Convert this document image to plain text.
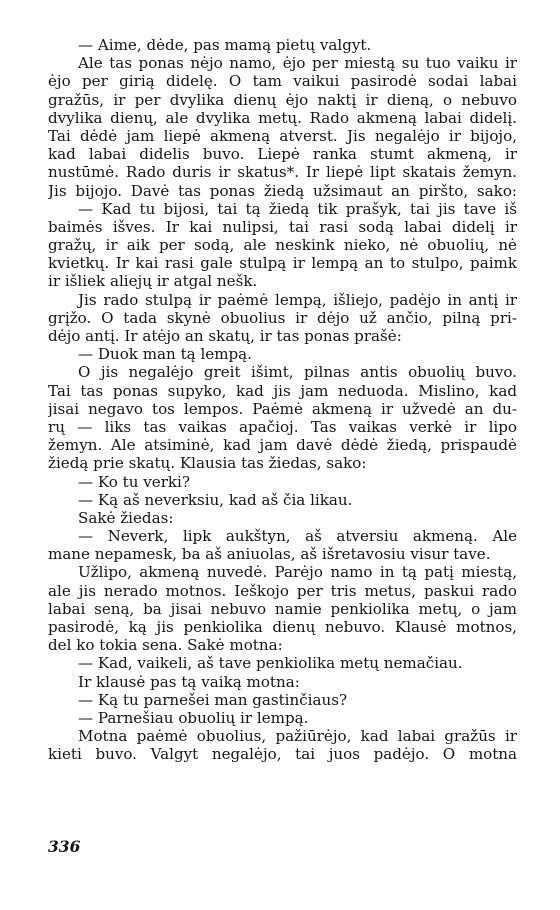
— Aime, dėde, pas mamą pietų valgyt.
Ale tas ponas nėjo namo, ėjo per miestą su tuo vaiku ir
ėjo per girią didelę. O tam vaikui pasirodė sodai labai
gražūs, ir per dvylika dienų ėjo naktį ir dieną, o nebuvo
dvylika dienų, ale dvylika metų. Rado akmeną labai didelį.
Tai dėdė jam liepė akmeną atverst. Jis negalėjo ir bijojo,
kad labai didelis buvo. Liepė ranka stumt akmeną, ir
nustūmė. Rado duris ir skatus*. Ir liepė lipt skatais žemyn.
Jis bijojo. Davė tas ponas žiedą užsimaut an piršto, sako:
— Kad tu bijosi, tai tą žiedą tik prašyk, tai jis tave iš
baimės išves. Ir kai nulipsi, tai rasi sodą labai didelį ir
gražų, ir aik per sodą, ale neskink nieko, nė obuolių, nė
kvietkų. Ir kai rasi gale stulpą ir lempą an to stulpo, paimk
ir išliek aliejų ir atgal nešk.
Jis rado stulpą ir paėmė lempą, išliejo, padėjo in antį ir
grįžo. O tada skynė obuolius ir dėjo už ančio, pilną pri-
dėjo antį. Ir atėjo an skatų, ir tas ponas prašė:
— Duok man tą lempą.
O jis negalėjo greit išimt, pilnas antis obuolių buvo.
Tai tas ponas supyko, kad jis jam neduoda. Mislino, kad
jisai negavo tos lempos. Paėmė akmeną ir užvedė an du-
rų — liks tas vaikas apačioj. Tas vaikas verkė ir lipo
žemyn. Ale atsiminė, kad jam davė dėdė žiedą, prispaudė
žiedą prie skatų. Klausia tas žiedas, sako:
— Ko tu verki?
— Ką aš neverksiu, kad aš čia likau.
Sakė žiedas:
— Neverk, lipk aukštyn, aš atversiu akmeną. Ale
mane nepamesk, ba aš aniuolas, aš išretavosiu visur tave.
Užlipo, akmeną nuvedė. Parėjo namo in tą patį miestą,
ale jis nerado motnos. Ieškojo per tris metus, paskui rado
labai seną, ba jisai nebuvo namie penkiolika metų, o jam
pasirodė, ką jis penkiolika dienų nebuvo. Klausė motnos,
del ko tokia sena. Sakė motna:
— Kad, vaikeli, aš tave penkiolika metų nemačiau.
Ir klausė pas tą vaiką motna:
— Ką tu parnešei man gastinčiaus?
— Parnešiau obuolių ir lempą.
Motna paėmė obuolius, pažiūrėjo, kad labai gražūs ir
kieti buvo. Valgyt negalėjo, tai juos padėjo. O motna
336
